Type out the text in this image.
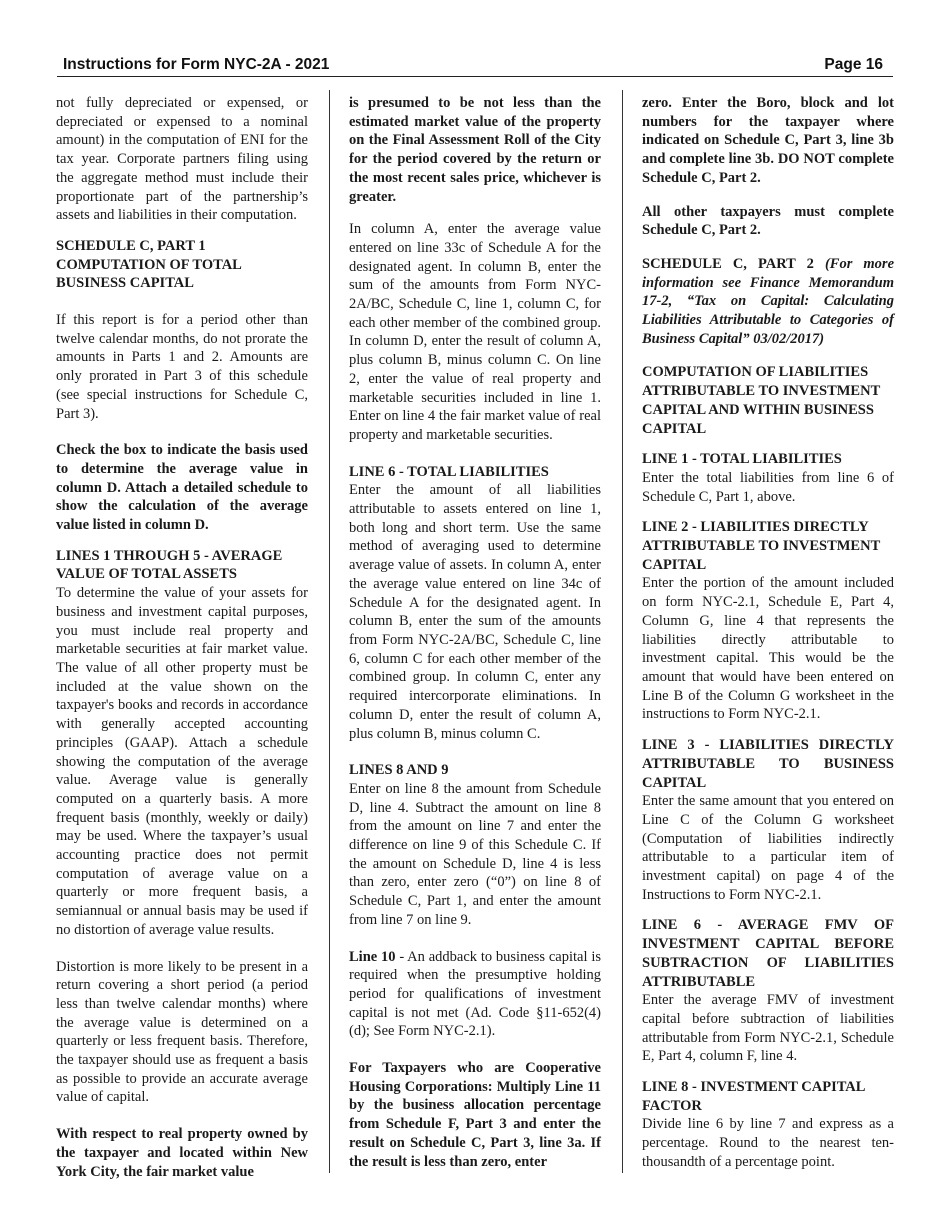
Instructions for Form NYC-2A - 2021	Page 16

not fully depreciated or expensed, or depreciated or expensed to a nominal amount) in the computation of ENI for the tax year. Corporate partners filing using the aggregate method must include their proportionate part of the partnership’s assets and liabilities in their computation.

SCHEDULE C, PART 1

COMPUTATION OF TOTAL BUSINESS CAPITAL

If this report is for a period other than twelve calendar months, do not prorate the amounts in Parts 1 and 2. Amounts are only prorated in Part 3 of this schedule (see special instructions for Schedule C, Part 3).

Check the box to indicate the basis used to determine the average value in column D. Attach a detailed schedule to show the calculation of the average value listed in column D.

LINES 1 THROUGH 5 - AVERAGE VALUE OF TOTAL ASSETS

To determine the value of your assets for business and investment capital purposes, you must include real property and marketable securities at fair market value. The value of all other property must be included at the value shown on the taxpayer's books and records in accordance with generally accepted accounting principles (GAAP). Attach a schedule showing the computation of the average value. Average value is generally computed on a quarterly basis. A more frequent basis (monthly, weekly or daily) may be used. Where the taxpayer’s usual accounting practice does not permit computation of average value on a quarterly or more frequent basis, a semiannual or annual basis may be used if no distortion of average value results.

Distortion is more likely to be present in a return covering a short period (a period less than twelve calendar months) where the average value is determined on a quarterly or less frequent basis. Therefore, the taxpayer should use as frequent a basis as possible to provide an accurate average value of capital.

With respect to real property owned by the taxpayer and located within New York City, the fair market value

is presumed to be not less than the estimated market value of the property on the Final Assessment Roll of the City for the period covered by the return or the most recent sales price, whichever is greater.

In column A, enter the average value entered on line 33c of Schedule A for the designated agent. In column B, enter the sum of the amounts from Form NYC-2A/BC, Schedule C, line 1, column C, for each other member of the combined group. In column D, enter the result of column A, plus column B, minus column C. On line 2, enter the value of real property and marketable securities included in line 1. Enter on line 4 the fair market value of real property and marketable securities.

LINE 6 - TOTAL LIABILITIES

Enter the amount of all liabilities attributable to assets entered on line 1, both long and short term. Use the same method of averaging used to determine average value of assets. In column A, enter the average value entered on line 34c of Schedule A for the designated agent. In column B, enter the sum of the amounts from Form NYC-2A/BC, Schedule C, line 6, column C for each other member of the combined group. In column C, enter any required intercorporate eliminations. In column D, enter the result of column A, plus column B, minus column C.

LINES 8 AND 9

Enter on line 8 the amount from Schedule D, line 4. Subtract the amount on line 8 from the amount on line 7 and enter the difference on line 9 of this Schedule C. If the amount on Schedule D, line 4 is less than zero, enter zero (“0”) on line 8 of Schedule C, Part 1, and enter the amount from line 7 on line 9.

Line 10 - An addback to business capital is required when the presumptive holding period for qualifications of investment capital is not met (Ad. Code §11-652(4)(d); See Form NYC-2.1).

For Taxpayers who are Cooperative Housing Corporations: Multiply Line 11 by the business allocation percentage from Schedule F, Part 3 and enter the result on Schedule C, Part 3, line 3a. If the result is less than zero, enter

zero. Enter the Boro, block and lot numbers for the taxpayer where indicated on Schedule C, Part 3, line 3b and complete line 3b. DO NOT complete Schedule C, Part 2.

All other taxpayers must complete Schedule C, Part 2.

SCHEDULE C, PART 2 (For more information see Finance Memorandum 17-2, “Tax on Capital: Calculating Liabilities Attributable to Categories of Business Capital” 03/02/2017)

COMPUTATION OF LIABILITIES ATTRIBUTABLE TO INVESTMENT CAPITAL AND WITHIN BUSINESS CAPITAL

LINE 1 - TOTAL LIABILITIES

Enter the total liabilities from line 6 of Schedule C, Part 1, above.

LINE 2 - LIABILITIES DIRECTLY ATTRIBUTABLE TO INVESTMENT CAPITAL

Enter the portion of the amount included on form NYC-2.1, Schedule E, Part 4, Column G, line 4 that represents the liabilities directly attributable to investment capital. This would be the amount that would have been entered on Line B of the Column G worksheet in the instructions to Form NYC-2.1.

LINE 3 - LIABILITIES DIRECTLY ATTRIBUTABLE TO BUSINESS CAPITAL

Enter the same amount that you entered on Line C of the Column G worksheet (Computation of liabilities indirectly attributable to a particular item of investment capital) on page 4 of the Instructions to Form NYC-2.1.

LINE 6 - AVERAGE FMV OF INVESTMENT CAPITAL BEFORE SUBTRACTION OF LIABILITIES ATTRIBUTABLE

Enter the average FMV of investment capital before subtraction of liabilities attributable from Form NYC-2.1, Schedule E, Part 4, column F, line 4.

LINE 8 - INVESTMENT CAPITAL FACTOR

Divide line 6 by line 7 and express as a percentage. Round to the nearest ten-thousandth of a percentage point.
